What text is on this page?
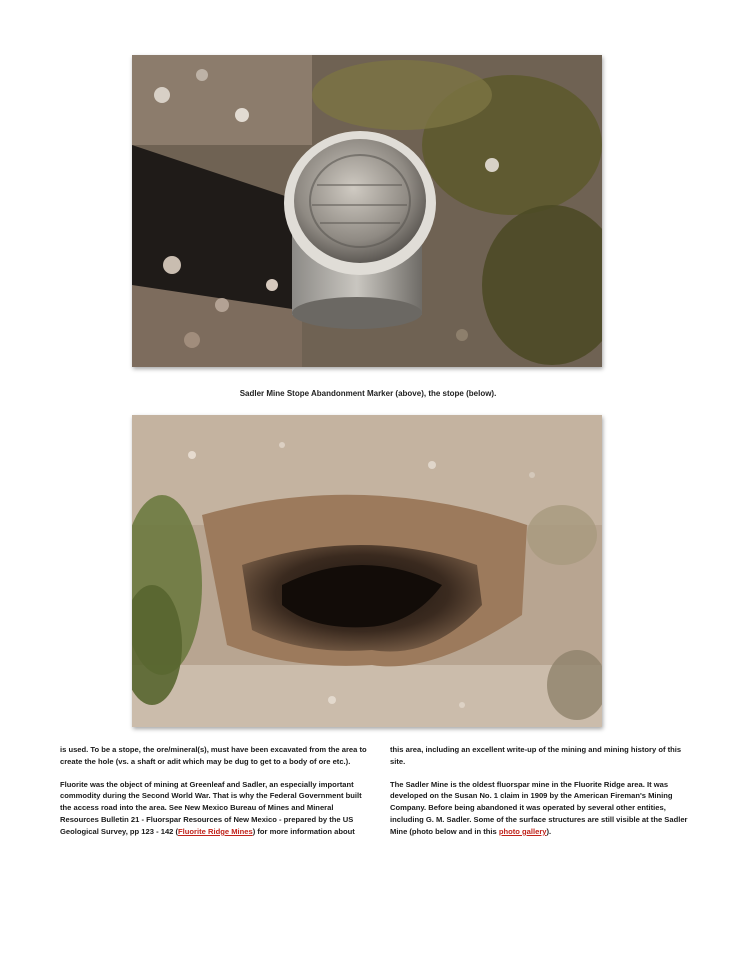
Sadler Mine Stope Abandonment Marker (above), the stope (below).

is used. To be a stope, the ore/mineral(s), must have been excavated from the area to create the hole (vs. a shaft or adit which may be dug to get to a body of ore etc.).

Fluorite was the object of mining at Greenleaf and Sadler, an especially important commodity during the Second World War. That is why the Federal Government built the access road into the area. See New Mexico Bureau of Mines and Mineral Resources Bulletin 21 - Fluorspar Resources of New Mexico - prepared by the US Geological Survey, pp 123 - 142 (Fluorite Ridge Mines) for more information about

this area, including an excellent write-up of the mining and mining history of this site.

The Sadler Mine is the oldest fluorspar mine in the Fluorite Ridge area. It was developed on the Susan No. 1 claim in 1909 by the American Fireman's Mining Company. Before being abandoned it was operated by several other entities, including G. M. Sadler. Some of the surface structures are still visible at the Sadler Mine (photo below and in this photo gallery).
